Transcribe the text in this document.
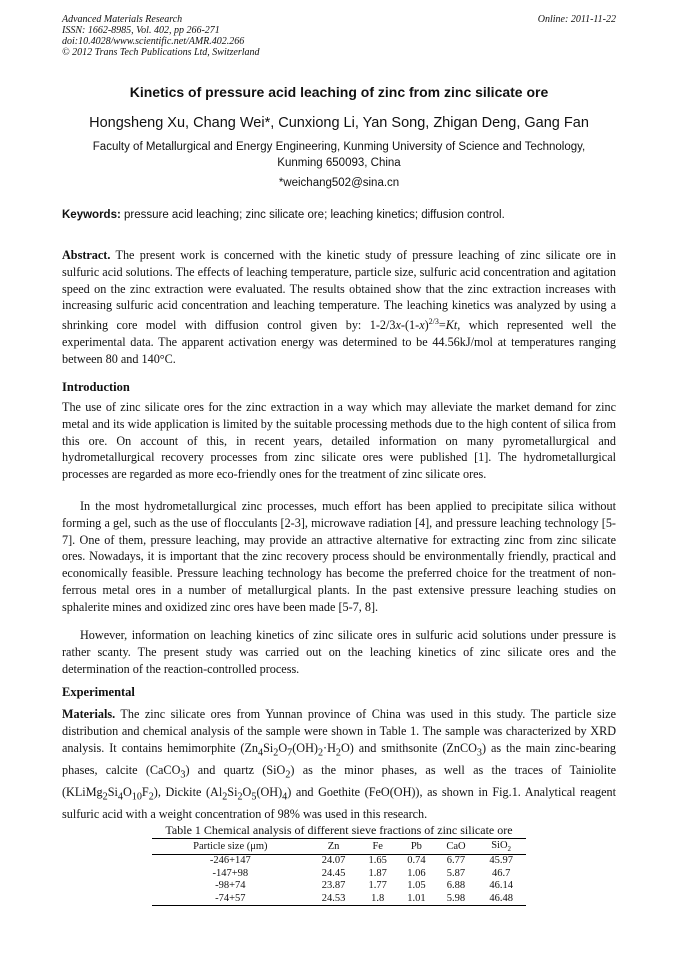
Advanced Materials Research
ISSN: 1662-8985, Vol. 402, pp 266-271
doi:10.4028/www.scientific.net/AMR.402.266
© 2012 Trans Tech Publications Ltd, Switzerland
Online: 2011-11-22
Kinetics of pressure acid leaching of zinc from zinc silicate ore
Hongsheng Xu, Chang Wei*, Cunxiong Li, Yan Song, Zhigan Deng, Gang Fan
Faculty of Metallurgical and Energy Engineering, Kunming University of Science and Technology,
Kunming 650093, China
*weichang502@sina.cn
Keywords: pressure acid leaching; zinc silicate ore; leaching kinetics; diffusion control.
Abstract. The present work is concerned with the kinetic study of pressure leaching of zinc silicate ore in sulfuric acid solutions. The effects of leaching temperature, particle size, sulfuric acid concentration and agitation speed on the zinc extraction were evaluated. The results obtained show that the zinc extraction increases with increasing sulfuric acid concentration and leaching temperature. The leaching kinetics was analyzed by using a shrinking core model with diffusion control given by: $1-2/3x-(1-x)^{2/3}=Kt$, which represented well the experimental data. The apparent activation energy was determined to be 44.56kJ/mol at temperatures ranging between 80 and 140°C.
Introduction
The use of zinc silicate ores for the zinc extraction in a way which may alleviate the market demand for zinc metal and its wide application is limited by the suitable processing methods due to the high content of silica from this ore. On account of this, in recent years, detailed information on many pyrometallurgical and hydrometallurgical recovery processes from zinc silicate ores were published [1]. The hydrometallurgical processes are regarded as more eco-friendly ones for the treatment of zinc silicate ores.
In the most hydrometallurgical zinc processes, much effort has been applied to precipitate silica without forming a gel, such as the use of flocculants [2-3], microwave radiation [4], and pressure leaching technology [5-7]. One of them, pressure leaching, may provide an attractive alternative for extracting zinc from zinc silicate ores. Nowadays, it is important that the zinc recovery process should be environmentally friendly, practical and economically feasible. Pressure leaching technology has become the preferred choice for the treatment of non-ferrous metal ores in a number of metallurgical plants. In the past extensive pressure leaching studies on sphalerite mines and oxidized zinc ores have been made [5-7, 8].
However, information on leaching kinetics of zinc silicate ores in sulfuric acid solutions under pressure is rather scanty. The present study was carried out on the leaching kinetics of zinc silicate ores and the determination of the reaction-controlled process.
Experimental
Materials. The zinc silicate ores from Yunnan province of China was used in this study. The particle size distribution and chemical analysis of the sample were shown in Table 1. The sample was characterized by XRD analysis. It contains hemimorphite $(Zn_4Si_2O_7(OH)_2\cdot H_2O)$ and smithsonite (ZnCO$_3$) as the main zinc-bearing phases, calcite (CaCO$_3$) and quartz (SiO$_2$) as the minor phases, as well as the traces of Tainiolite $(KLiMg_2Si_4O_{10}F_2)$, Dickite $(Al_2Si_2O_5(OH)_4)$ and Goethite (FeO(OH)), as shown in Fig.1. Analytical reagent sulfuric acid with a weight concentration of 98% was used in this research.
Table 1 Chemical analysis of different sieve fractions of zinc silicate ore
Particle size (μm)	Zn	Fe	Pb	CaO	SiO$_2$
-246+147	24.07	1.65	0.74	6.77	45.97
-147+98	24.45	1.87	1.06	5.87	46.7
-98+74	23.87	1.77	1.05	6.88	46.14
-74+57	24.53	1.8	1.01	5.98	46.48
